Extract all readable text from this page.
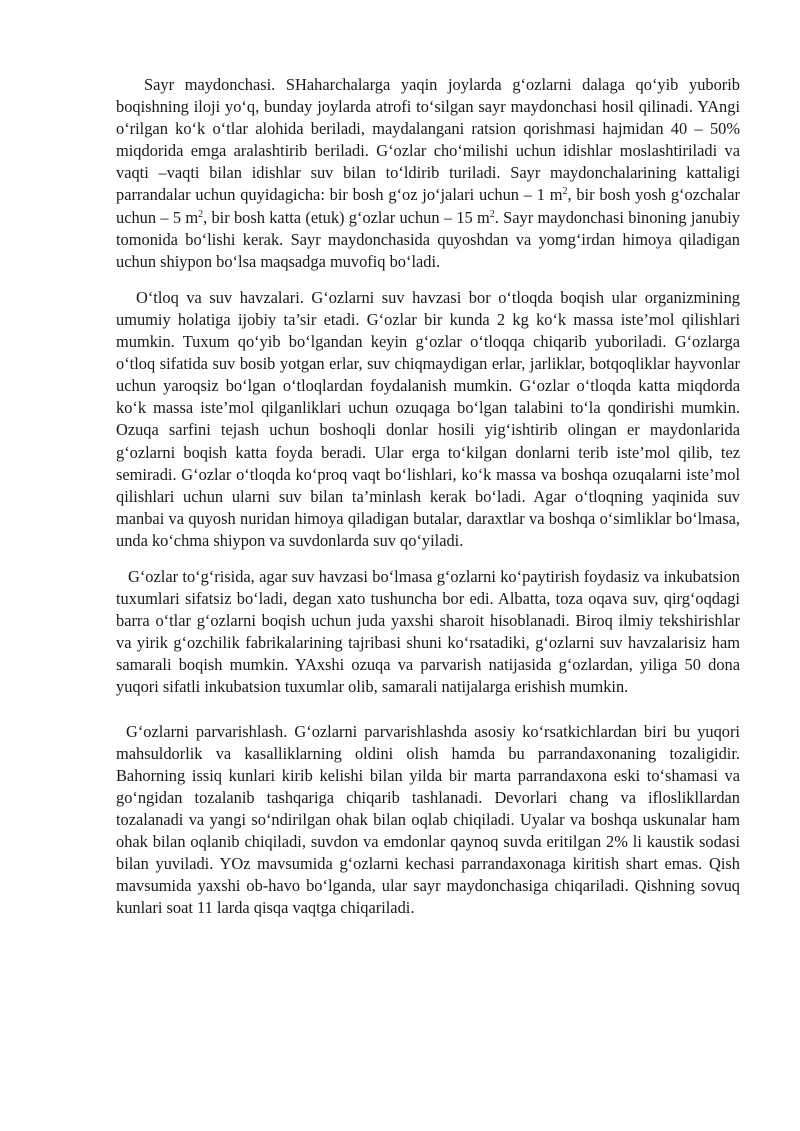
Sayr maydonchasi. SHaharchalarga yaqin joylarda g‘ozlarni dalaga qo‘yib yuborib boqishning iloji yo‘q, bunday joylarda atrofi to‘silgan sayr maydonchasi hosil qilinadi. YAngi o‘rilgan ko‘k o‘tlar alohida beriladi, maydalangani ratsion qorishmasi hajmidan 40 – 50% miqdorida emga aralashtirib beriladi. G‘ozlar cho‘milishi uchun idishlar moslashtiriladi va vaqti –vaqti bilan idishlar suv bilan to‘ldirib turiladi. Sayr maydonchalarining kattaligi parrandalar uchun quyidagicha: bir bosh g‘oz jo‘jalari uchun – 1 $m^2$, bir bosh yosh g‘ozchalar uchun – 5 $m^2$, bir bosh katta (etuk) g‘ozlar uchun – 15 $m^2$. Sayr maydonchasi binoning janubiy tomonida bo‘lishi kerak. Sayr maydonchasida quyoshdan va yomg‘irdan himoya qiladigan uchun shiypon bo‘lsa maqsadga muvofiq bo‘ladi.

O‘tloq va suv havzalari. G‘ozlarni suv havzasi bor o‘tloqda boqish ular organizmining umumiy holatiga ijobiy ta’sir etadi. G‘ozlar bir kunda 2 kg ko‘k massa iste’mol qilishlari mumkin. Tuxum qo‘yib bo‘lgandan keyin g‘ozlar o‘tloqqa chiqarib yuboriladi. G‘ozlarga o‘tloq sifatida suv bosib yotgan erlar, suv chiqmaydigan erlar, jarliklar, botqoqliklar hayvonlar uchun yaroqsiz bo‘lgan o‘tloqlardan foydalanish mumkin. G‘ozlar o‘tloqda katta miqdorda ko‘k massa iste’mol qilganliklari uchun ozuqaga bo‘lgan talabini to‘la qondirishi mumkin. Ozuqa sarfini tejash uchun boshoqli donlar hosili yig‘ishtirib olingan er maydonlarida g‘ozlarni boqish katta foyda beradi. Ular erga to‘kilgan donlarni terib iste’mol qilib, tez semiradi. G‘ozlar o‘tloqda ko‘proq vaqt bo‘lishlari, ko‘k massa va boshqa ozuqalarni iste’mol qilishlari uchun ularni suv bilan ta’minlash kerak bo‘ladi. Agar o‘tloqning yaqinida suv manbai va quyosh nuridan himoya qiladigan butalar, daraxtlar va boshqa o‘simliklar bo‘lmasa, unda ko‘chma shiypon va suvdonlarda suv qo‘yiladi.

G‘ozlar to‘g‘risida, agar suv havzasi bo‘lmasa g‘ozlarni ko‘paytirish foydasiz va inkubatsion tuxumlari sifatsiz bo‘ladi, degan xato tushuncha bor edi. Albatta, toza oqava suv, qirg‘oqdagi barra o‘tlar g‘ozlarni boqish uchun juda yaxshi sharoit hisoblanadi. Biroq ilmiy tekshirishlar va yirik g‘ozchilik fabrikalarining tajribasi shuni ko‘rsatadiki, g‘ozlarni suv havzalarisiz ham samarali boqish mumkin. YAxshi ozuqa va parvarish natijasida g‘ozlardan, yiliga 50 dona yuqori sifatli inkubatsion tuxumlar olib, samarali natijalarga erishish mumkin.

G‘ozlarni parvarishlash. G‘ozlarni parvarishlashda asosiy ko‘rsatkichlardan biri bu yuqori mahsuldorlik va kasalliklarning oldini olish hamda bu parrandaxonaning tozaligidir. Bahorning issiq kunlari kirib kelishi bilan yilda bir marta parrandaxona eski to‘shamasi va go‘ngidan tozalanib tashqariga chiqarib tashlanadi. Devorlari chang va ifloslikllardan tozalanadi va yangi so‘ndirilgan ohak bilan oqlab chiqiladi. Uyalar va boshqa uskunalar ham ohak bilan oqlanib chiqiladi, suvdon va emdonlar qaynoq suvda eritilgan 2% li kaustik sodasi bilan yuviladi. YOz mavsumida g‘ozlarni kechasi parrandaxonaga kiritish shart emas. Qish mavsumida yaxshi ob-havo bo‘lganda, ular sayr maydonchasiga chiqariladi. Qishning sovuq kunlari soat 11 larda qisqa vaqtga chiqariladi.
